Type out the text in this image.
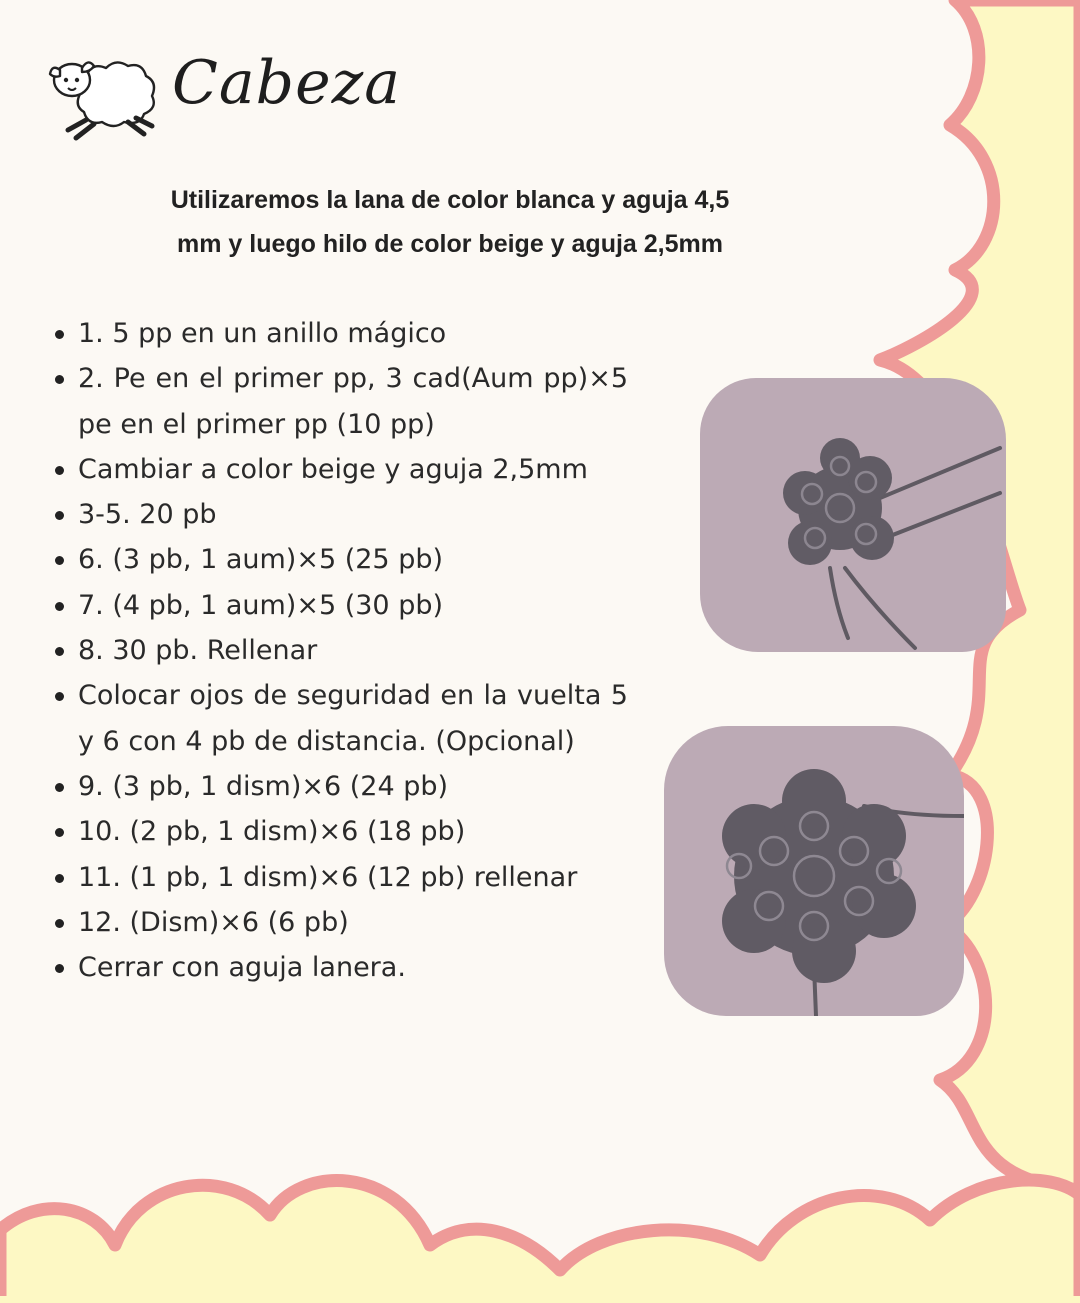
Cabeza
Utilizaremos la lana de color blanca y aguja 4,5
mm y luego hilo de color beige y aguja 2,5mm
1. 5 pp en un anillo mágico
2. Pe en el primer pp, 3 cad(Aum pp)×5 pe en el primer pp (10 pp)
Cambiar a color beige y aguja 2,5mm
3-5. 20 pb
6. (3 pb, 1 aum)×5 (25 pb)
7. (4 pb, 1 aum)×5 (30 pb)
8. 30 pb. Rellenar
Colocar ojos de seguridad en la vuelta 5 y 6 con 4 pb de distancia. (Opcional)
9. (3 pb, 1 dism)×6 (24 pb)
10. (2 pb, 1 dism)×6 (18 pb)
11. (1 pb, 1 dism)×6 (12 pb) rellenar
12. (Dism)×6 (6 pb)
Cerrar con aguja lanera.
